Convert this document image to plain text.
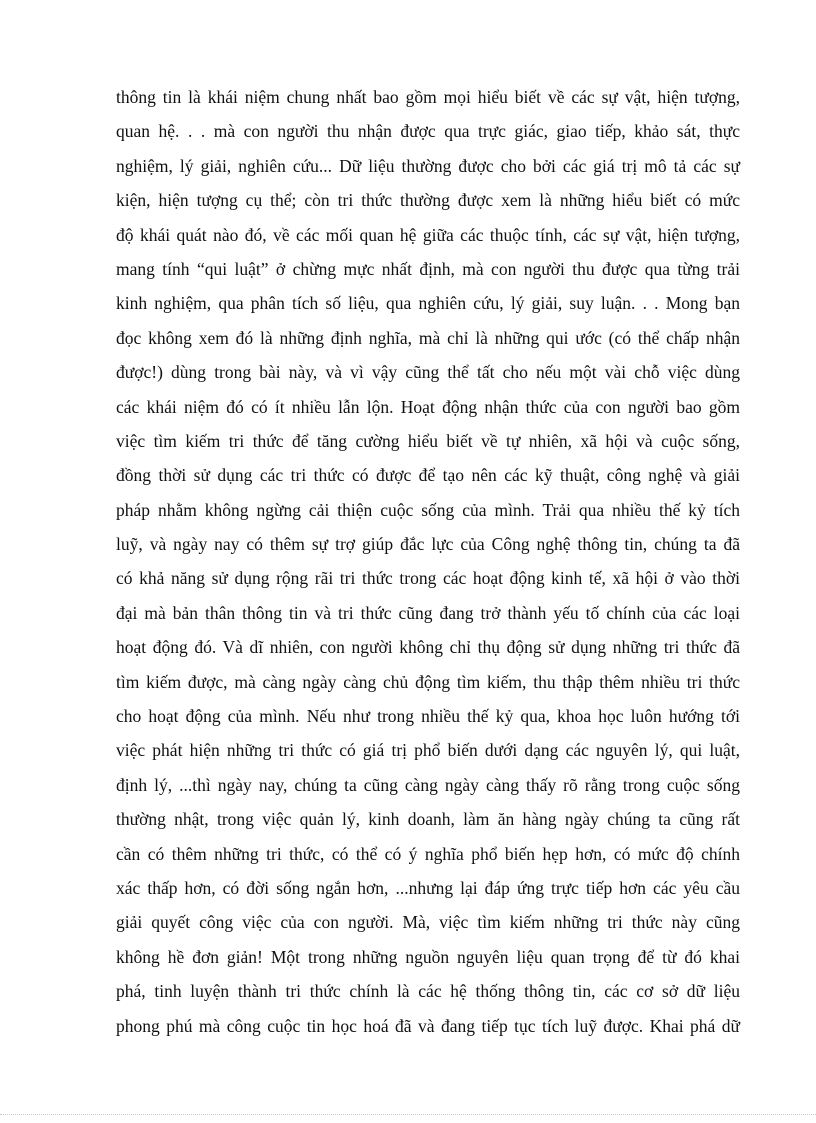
thông tin là khái niệm chung nhất bao gồm mọi hiểu biết về các sự vật, hiện tượng,
quan hệ. . . mà con người thu nhận được qua trực giác, giao tiếp, khảo sát, thực
nghiệm, lý giải, nghiên cứu... Dữ liệu thường được cho bởi các giá trị mô tả các sự
kiện, hiện tượng cụ thể; còn tri thức thường được xem là những hiểu biết có mức
độ khái quát nào đó, về các mối quan hệ giữa các thuộc tính, các sự vật, hiện tượng,
mang tính “qui luật” ở chừng mực nhất định, mà con người thu được qua từng trải
kinh nghiệm, qua phân tích số liệu, qua nghiên cứu, lý giải, suy luận. . . Mong bạn
đọc không xem đó là những định nghĩa, mà chỉ là những qui ước (có thể chấp nhận
được!) dùng trong bài này, và vì vậy cũng thể tất cho nếu một vài chỗ việc dùng
các khái niệm đó có ít nhiều lẫn lộn. Hoạt động nhận thức của con người bao gồm
việc tìm kiếm tri thức để tăng cường hiểu biết về tự nhiên, xã hội và cuộc sống,
đồng thời sử dụng các tri thức có được để tạo nên các kỹ thuật, công nghệ và giải
pháp nhằm không ngừng cải thiện cuộc sống của mình. Trải qua nhiều thế kỷ tích
luỹ, và ngày nay có thêm sự trợ giúp đắc lực của Công nghệ thông tin, chúng ta đã
có khả năng sử dụng rộng rãi tri thức trong các hoạt động kinh tế, xã hội ở vào thời
đại mà bản thân thông tin và tri thức cũng đang trở thành yếu tố chính của các loại
hoạt động đó. Và dĩ nhiên, con người không chỉ thụ động sử dụng những tri thức đã
tìm kiếm được, mà càng ngày càng chủ động tìm kiếm, thu thập thêm nhiều tri thức
cho hoạt động của mình. Nếu như trong nhiều thế kỷ qua, khoa học luôn hướng tới
việc phát hiện những tri thức có giá trị phổ biến dưới dạng các nguyên lý, qui luật,
định lý, ...thì ngày nay, chúng ta cũng càng ngày càng thấy rõ rằng trong cuộc sống
thường nhật, trong việc quản lý, kinh doanh, làm ăn hàng ngày chúng ta cũng rất
cần có thêm những tri thức, có thể có ý nghĩa phổ biến hẹp hơn, có mức độ chính
xác thấp hơn, có đời sống ngắn hơn, ...nhưng lại đáp ứng trực tiếp hơn các yêu cầu
giải quyết công việc của con người. Mà, việc tìm kiếm những tri thức này cũng
không hề đơn giản! Một trong những nguồn nguyên liệu quan trọng để từ đó khai
phá, tinh luyện thành tri thức chính là các hệ thống thông tin, các cơ sở dữ liệu
phong phú mà công cuộc tin học hoá đã và đang tiếp tục tích luỹ được. Khai phá dữ
